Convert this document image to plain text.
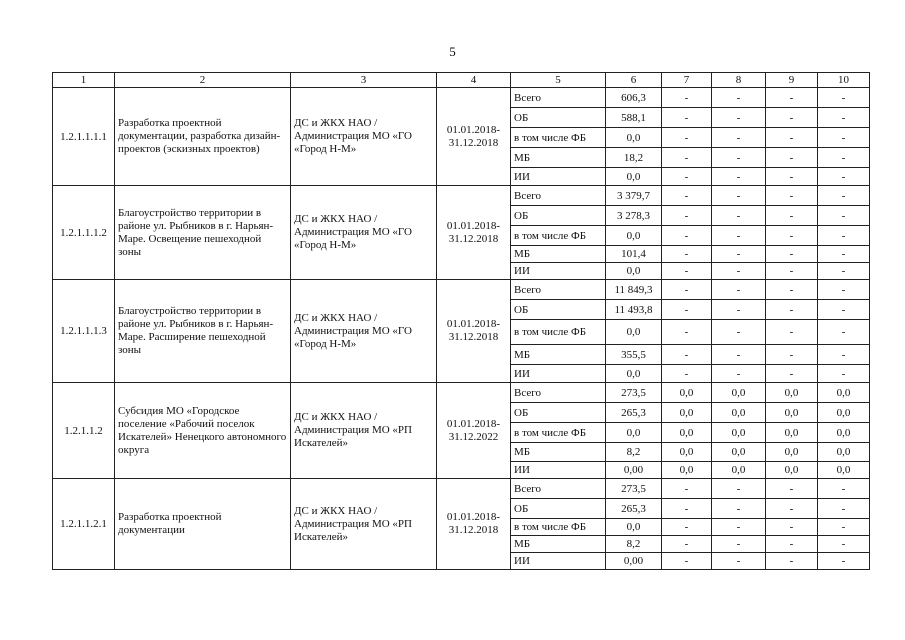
5
1	2	3	4	5	6	7	8	9	10
1.2.1.1.1.1	Разработка проектной документации, разработка дизайн-проектов (эскизных проектов)	ДС и ЖКХ НАО / Администрация МО «ГО «Город Н-М»	01.01.2018-31.12.2018	Всего	606,3	-	-	-	-
				ОБ	588,1	-	-	-	-
				в том числе ФБ	0,0	-	-	-	-
				МБ	18,2	-	-	-	-
				ИИ	0,0	-	-	-	-
1.2.1.1.1.2	Благоустройство территории в районе ул. Рыбников в г. Нарьян-Маре. Освещение пешеходной зоны	ДС и ЖКХ НАО / Администрация МО «ГО «Город Н-М»	01.01.2018-31.12.2018	Всего	3 379,7	-	-	-	-
				ОБ	3 278,3	-	-	-	-
				в том числе ФБ	0,0	-	-	-	-
				МБ	101,4	-	-	-	-
				ИИ	0,0	-	-	-	-
1.2.1.1.1.3	Благоустройство территории в районе ул. Рыбников в г. Нарьян-Маре. Расширение пешеходной зоны	ДС и ЖКХ НАО / Администрация МО «ГО «Город Н-М»	01.01.2018-31.12.2018	Всего	11 849,3	-	-	-	-
				ОБ	11 493,8	-	-	-	-
				в том числе ФБ	0,0	-	-	-	-
				МБ	355,5	-	-	-	-
				ИИ	0,0	-	-	-	-
1.2.1.1.2	Субсидия МО «Городское поселение «Рабочий поселок Искателей» Ненецкого автономного округа	ДС и ЖКХ НАО / Администрация МО «РП Искателей»	01.01.2018-31.12.2022	Всего	273,5	0,0	0,0	0,0	0,0
				ОБ	265,3	0,0	0,0	0,0	0,0
				в том числе ФБ	0,0	0,0	0,0	0,0	0,0
				МБ	8,2	0,0	0,0	0,0	0,0
				ИИ	0,00	0,0	0,0	0,0	0,0
1.2.1.1.2.1	Разработка проектной документации	ДС и ЖКХ НАО / Администрация МО «РП Искателей»	01.01.2018-31.12.2018	Всего	273,5	-	-	-	-
				ОБ	265,3	-	-	-	-
				в том числе ФБ	0,0	-	-	-	-
				МБ	8,2	-	-	-	-
				ИИ	0,00	-	-	-	-
